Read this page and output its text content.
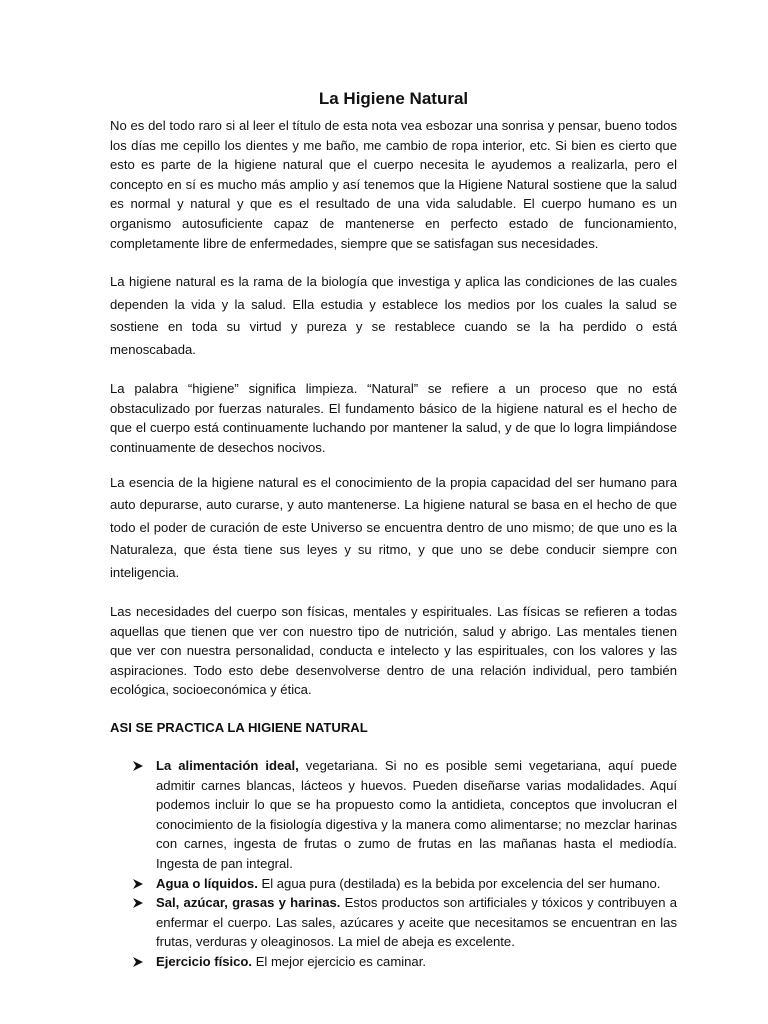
La Higiene Natural

No es del todo raro si al leer el título de esta nota vea esbozar una sonrisa y pensar, bueno todos los días me cepillo los dientes y me baño, me cambio de ropa interior, etc. Si bien es cierto que esto es parte de la higiene natural que el cuerpo necesita le ayudemos a realizarla, pero el concepto en sí es mucho más amplio y así tenemos que la Higiene Natural sostiene que la salud es normal y natural y que es el resultado de una vida saludable. El cuerpo humano es un organismo autosuficiente capaz de mantenerse en perfecto estado de funcionamiento, completamente libre de enfermedades, siempre que se satisfagan sus necesidades.

La higiene natural es la rama de la biología que investiga y aplica las condiciones de las cuales dependen la vida y la salud. Ella estudia y establece los medios por los cuales la salud se sostiene en toda su virtud y pureza y se restablece cuando se la ha perdido o está menoscabada.

La palabra “higiene” significa limpieza. “Natural” se refiere a un proceso que no está obstaculizado por fuerzas naturales. El fundamento básico de la higiene natural es el hecho de que el cuerpo está continuamente luchando por mantener la salud, y de que lo logra limpiándose continuamente de desechos nocivos.

La esencia de la higiene natural es el conocimiento de la propia capacidad del ser humano para auto depurarse, auto curarse, y auto mantenerse. La higiene natural se basa en el hecho de que todo el poder de curación de este Universo se encuentra dentro de uno mismo; de que uno es la Naturaleza, que ésta tiene sus leyes y su ritmo, y que uno se debe conducir siempre con inteligencia.

Las necesidades del cuerpo son físicas, mentales y espirituales. Las físicas se refieren a todas aquellas que tienen que ver con nuestro tipo de nutrición, salud y abrigo. Las mentales tienen que ver con nuestra personalidad, conducta e intelecto y las espirituales, con los valores y las aspiraciones. Todo esto debe desenvolverse dentro de una relación individual, pero también ecológica, socioeconómica y ética.

ASI SE PRACTICA LA HIGIENE NATURAL
La alimentación ideal, vegetariana. Si no es posible semi vegetariana, aquí puede admitir carnes blancas, lácteos y huevos. Pueden diseñarse varias modalidades. Aquí podemos incluir lo que se ha propuesto como la antidieta, conceptos que involucran el conocimiento de la fisiología digestiva y la manera como alimentarse; no mezclar harinas con carnes, ingesta de frutas o zumo de frutas en las mañanas hasta el mediodía. Ingesta de pan integral.
Agua o líquidos. El agua pura (destilada) es la bebida por excelencia del ser humano.
Sal, azúcar, grasas y harinas. Estos productos son artificiales y tóxicos y contribuyen a enfermar el cuerpo. Las sales, azúcares y aceite que necesitamos se encuentran en las frutas, verduras y oleaginosos. La miel de abeja es excelente.
Ejercicio físico. El mejor ejercicio es caminar.
